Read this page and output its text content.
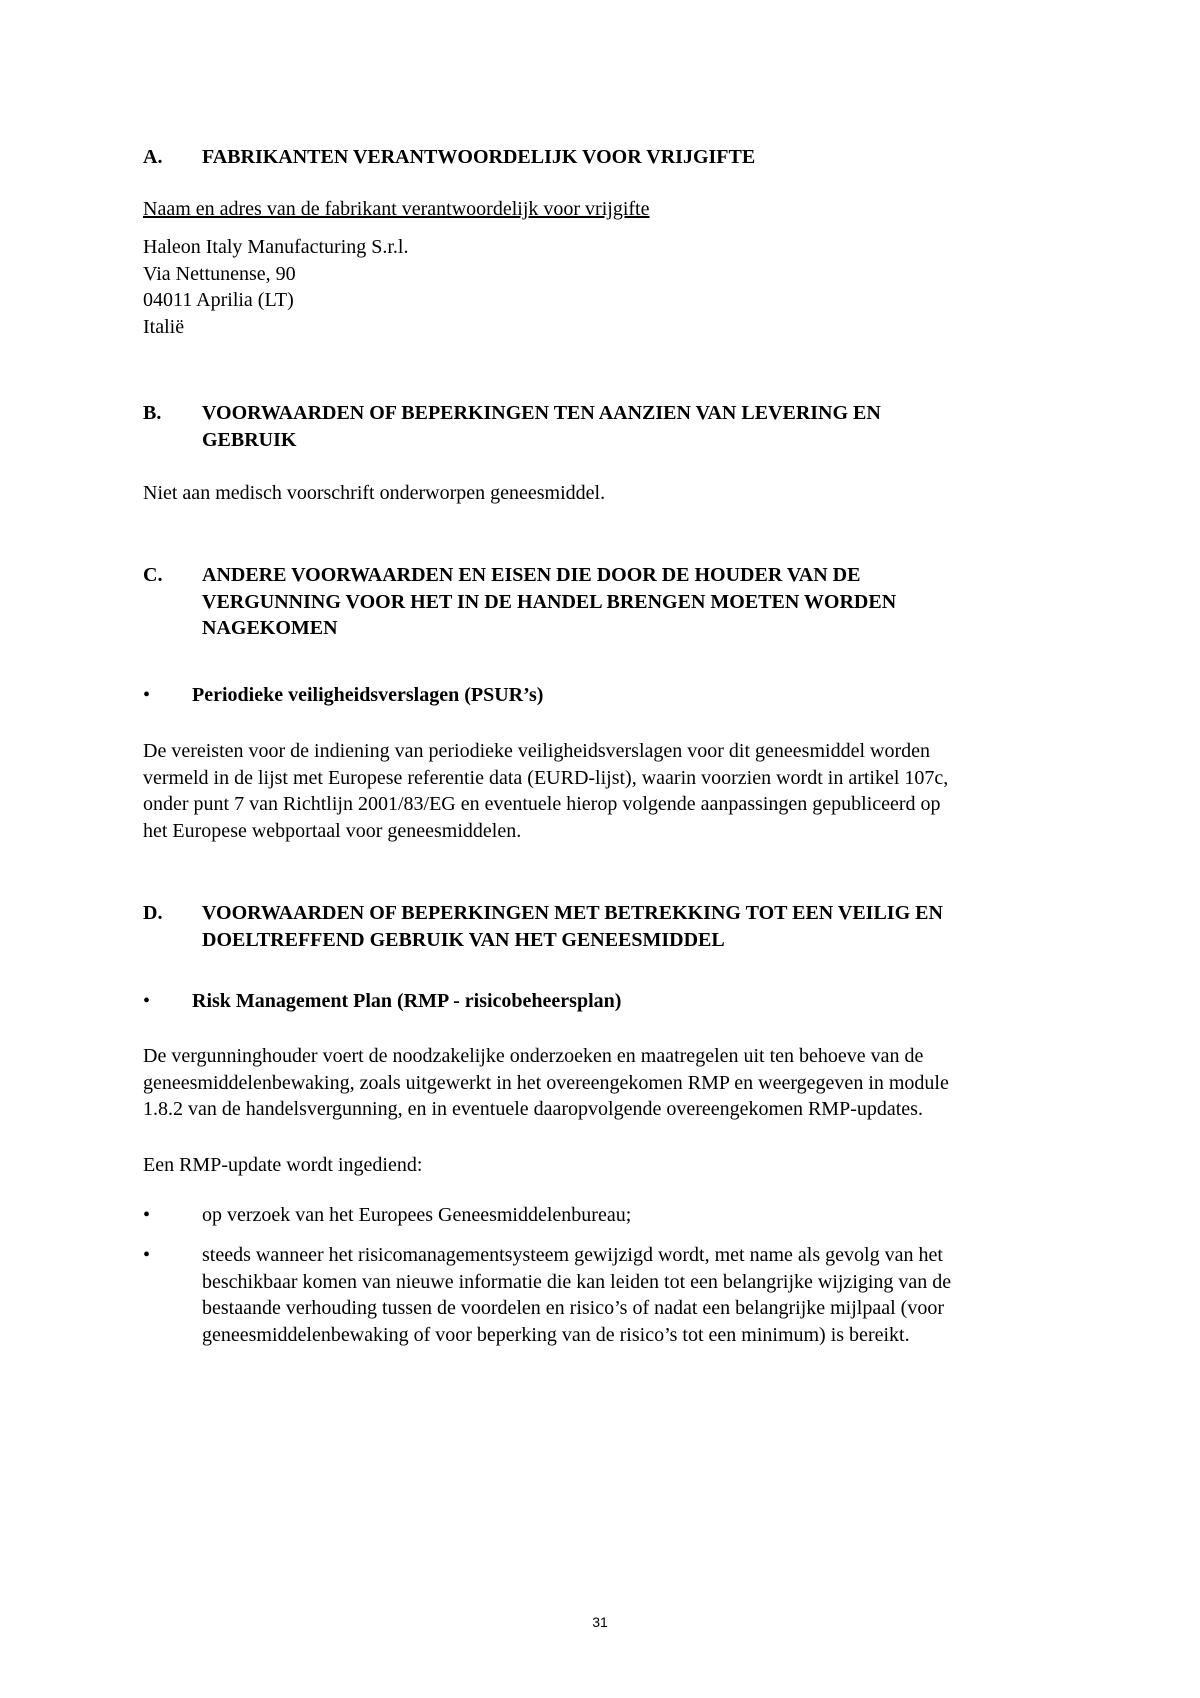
A. FABRIKANTEN VERANTWOORDELIJK VOOR VRIJGIFTE
Naam en adres van de fabrikant verantwoordelijk voor vrijgifte
Haleon Italy Manufacturing S.r.l.
Via Nettunense, 90
04011 Aprilia (LT)
Italië
B. VOORWAARDEN OF BEPERKINGEN TEN AANZIEN VAN LEVERING EN
GEBRUIK
Niet aan medisch voorschrift onderworpen geneesmiddel.
C. ANDERE VOORWAARDEN EN EISEN DIE DOOR DE HOUDER VAN DE
VERGUNNING VOOR HET IN DE HANDEL BRENGEN MOETEN WORDEN
NAGEKOMEN
• Periodieke veiligheidsverslagen (PSUR’s)
De vereisten voor de indiening van periodieke veiligheidsverslagen voor dit geneesmiddel worden
vermeld in de lijst met Europese referentie data (EURD-lijst), waarin voorzien wordt in artikel 107c,
onder punt 7 van Richtlijn 2001/83/EG en eventuele hierop volgende aanpassingen gepubliceerd op
het Europese webportaal voor geneesmiddelen.
D. VOORWAARDEN OF BEPERKINGEN MET BETREKKING TOT EEN VEILIG EN
DOELTREFFEND GEBRUIK VAN HET GENEESMIDDEL
• Risk Management Plan (RMP - risicobeheersplan)
De vergunninghouder voert de noodzakelijke onderzoeken en maatregelen uit ten behoeve van de
geneesmiddelenbewaking, zoals uitgewerkt in het overeengekomen RMP en weergegeven in module
1.8.2 van de handelsvergunning, en in eventuele daaropvolgende overeengekomen RMP-updates.
Een RMP-update wordt ingediend:
•	op verzoek van het Europees Geneesmiddelenbureau;
•	steeds wanneer het risicomanagementsysteem gewijzigd wordt, met name als gevolg van het
beschikbaar komen van nieuwe informatie die kan leiden tot een belangrijke wijziging van de
bestaande verhouding tussen de voordelen en risico’s of nadat een belangrijke mijlpaal (voor
geneesmiddelenbewaking of voor beperking van de risico’s tot een minimum) is bereikt.
31
